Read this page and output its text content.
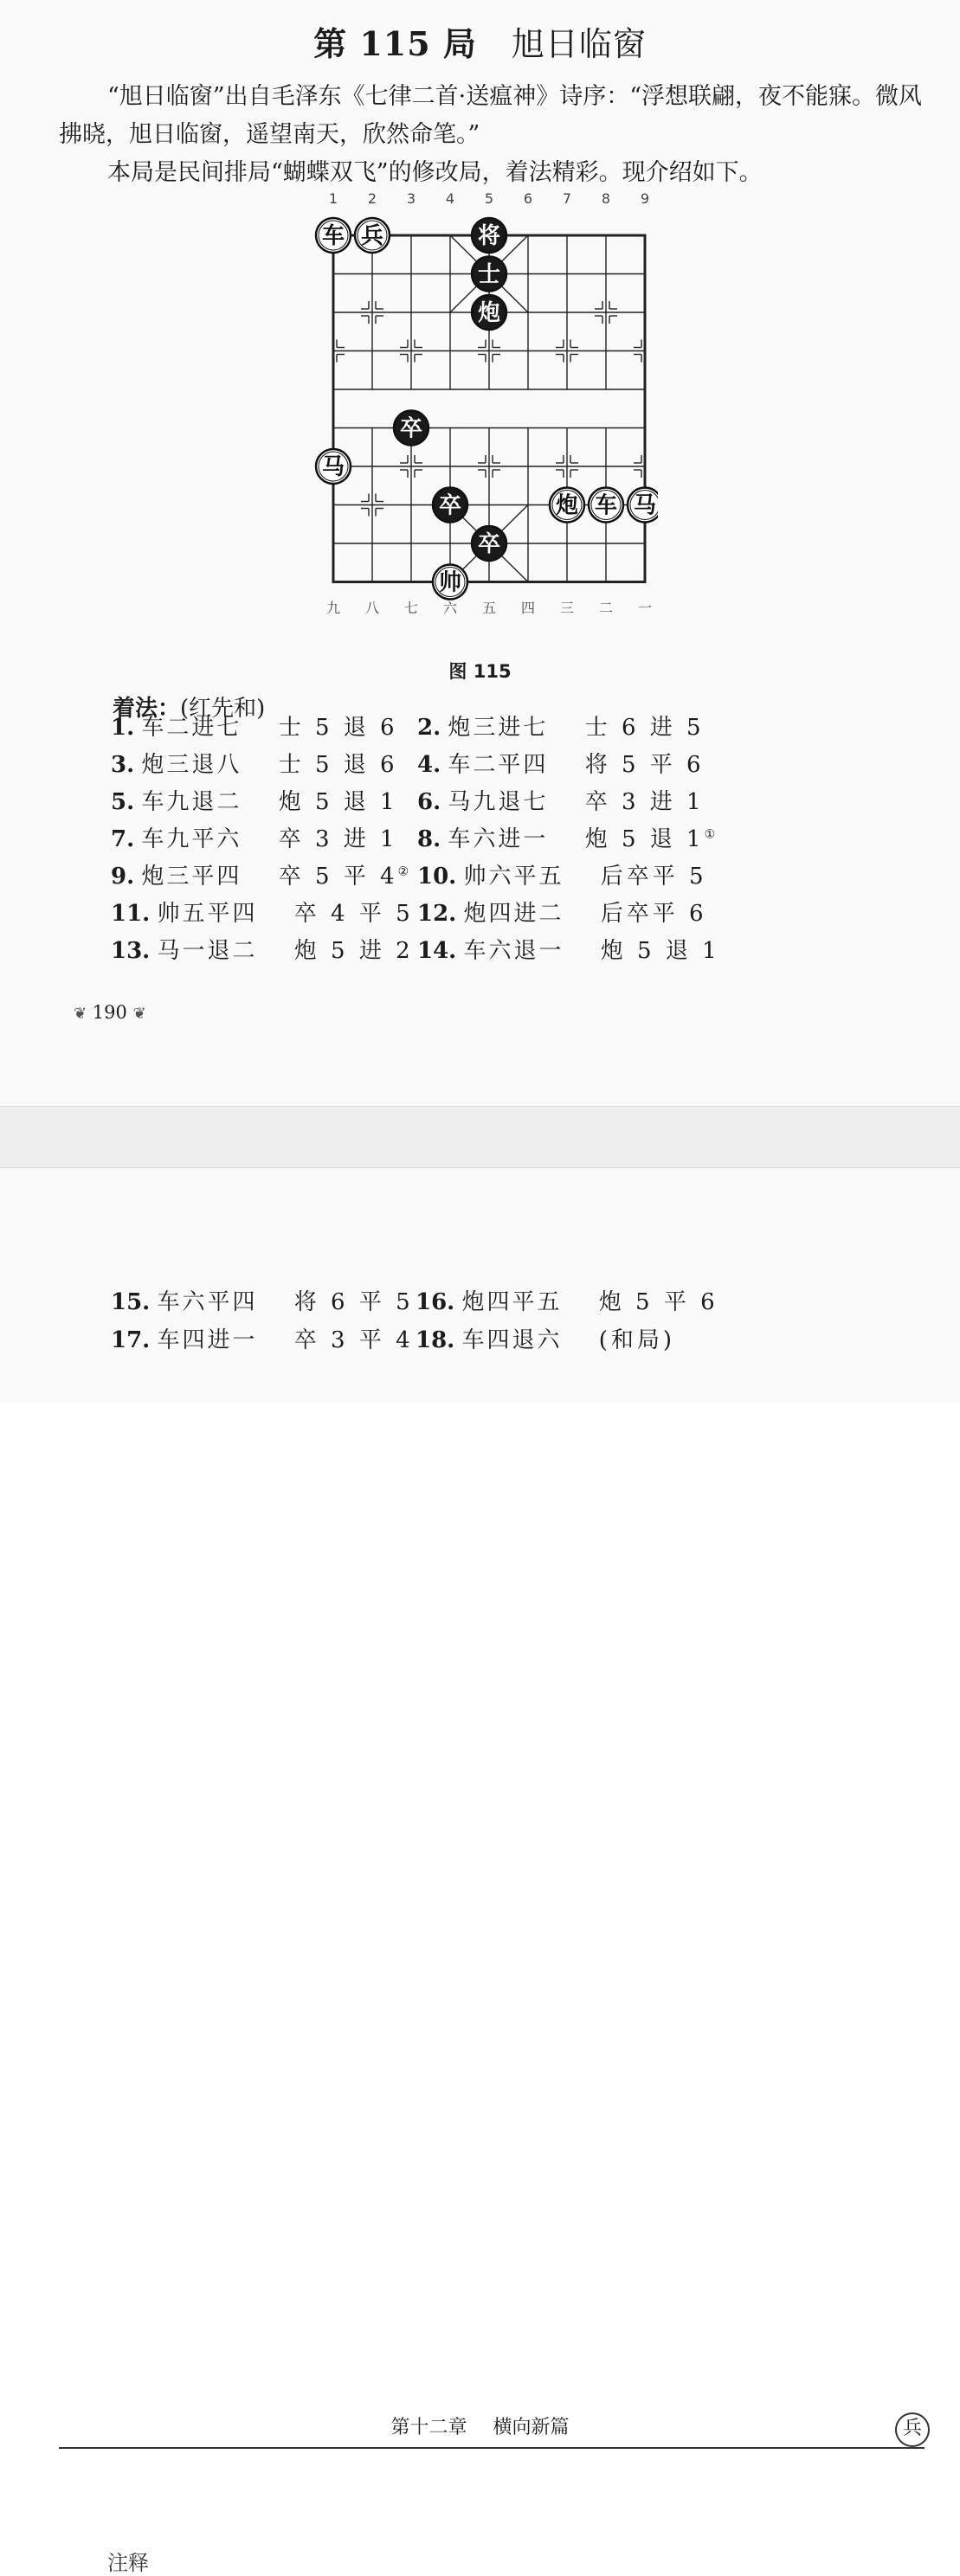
第 115 局 旭日临窗
“旭日临窗”出自毛泽东《七律二首·送瘟神》诗序：“浮想联翩，夜不能寐。微风拂晓，旭日临窗，遥望南天，欣然命笔。”
本局是民间排局“蝴蝶双飞”的修改局，着法精彩。现介绍如下。
1 2 3 4 5 6 7 8 9
车 兵	将
士
炮
卒
马
卒	炮 车 马
卒
帅
九 八 七 六 五 四 三 二 一
图 115
着法：(红先和)
1. 车二进七 士 5 退 6 2. 炮三进七 士 6 进 5
3. 炮三退八 士 5 退 6 4. 车二平四 将 5 平 6
5. 车九退二 炮 5 退 1 6. 马九退七 卒 3 进 1
7. 车九平六 卒 3 进 1 8. 车六进一 炮 5 退 1①
9. 炮三平四 卒 5 平 4② 10. 帅六平五 后卒平 5
11. 帅五平四 卒 4 平 5 12. 炮四进二 后卒平 6
13. 马一退二 炮 5 进 2 14. 车六退一 炮 5 退 1
❦ 190 ❦
第十二章 横向新篇	兵
15. 车六平四 将 6 平 5 16. 炮四平五 炮 5 平 6
17. 车四进一 卒 3 平 4 18. 车四退六 (和局)
注释
